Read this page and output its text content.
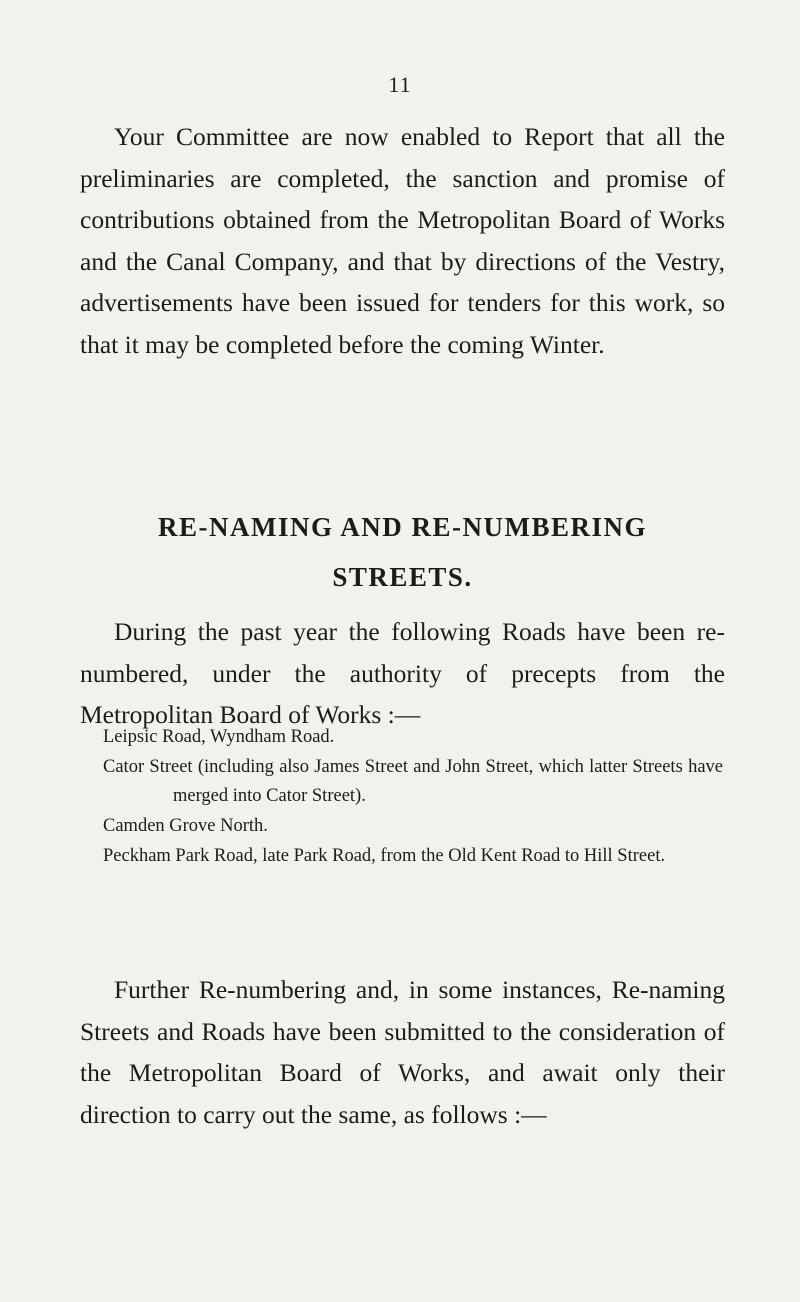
11

Your Committee are now enabled to Report that all the preliminaries are completed, the sanction and promise of contributions obtained from the Metropolitan Board of Works and the Canal Company, and that by directions of the Vestry, advertisements have been issued for tenders for this work, so that it may be completed before the coming Winter.

RE-NAMING AND RE-NUMBERING
STREETS.

During the past year the following Roads have been re-numbered, under the authority of precepts from the Metropolitan Board of Works :—

Leipsic Road, Wyndham Road.

Cator Street (including also James Street and John Street, which latter Streets have merged into Cator Street).

Camden Grove North.

Peckham Park Road, late Park Road, from the Old Kent Road to Hill Street.

Further Re-numbering and, in some instances, Re-naming Streets and Roads have been submitted to the consideration of the Metropolitan Board of Works, and await only their direction to carry out the same, as follows :—
